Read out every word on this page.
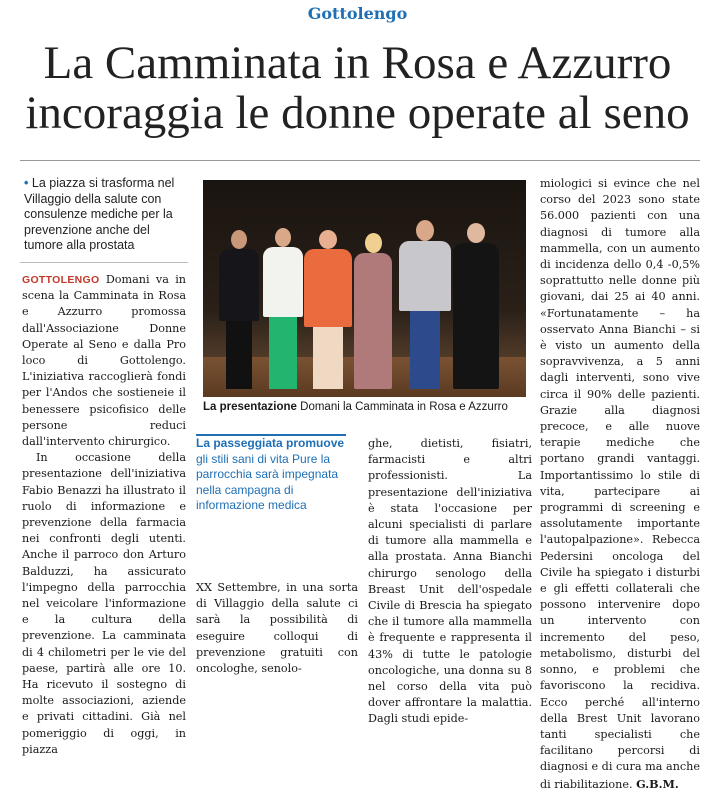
Gottolengo
La Camminata in Rosa e Azzurro
incoraggia le donne operate al seno
• La piazza si trasforma nel Villaggio della salute con consulenze mediche per la prevenzione anche del tumore alla prostata

GOTTOLENGO Domani va in scena la Camminata in Rosa e Azzurro promossa dall'Associazione Donne Operate al Seno e dalla Pro loco di Gottolengo. L'iniziativa raccoglierà fondi per l'Andos che sostieneie il benessere psicofisico delle persone reduci dall'intervento chirurgico.

In occasione della presentazione dell'iniziativa Fabio Benazzi ha illustrato il ruolo di informazione e prevenzione della farmacia nei confronti degli utenti. Anche il parroco don Arturo Balduzzi, ha assicurato l'impegno della parrocchia nel veicolare l'informazione e la cultura della prevenzione. La camminata di 4 chilometri per le vie del paese, partirà alle ore 10. Ha ricevuto il sostegno di molte associazioni, aziende e privati cittadini. Già nel pomeriggio di oggi, in piazza

La presentazione Domani la Camminata in Rosa e Azzurro
La passeggiata promuove
gli stili sani di vita Pure la parrocchia sarà impegnata nella campagna di informazione medica

XX Settembre, in una sorta di Villaggio della salute ci sarà la possibilità di eseguire colloqui di prevenzione gratuiti con oncologhe, senolo-

ghe, dietisti, fisiatri, farmacisti e altri professionisti. La presentazione dell'iniziativa è stata l'occasione per alcuni specialisti di parlare di tumore alla mammella e alla prostata. Anna Bianchi chirurgo senologo della Breast Unit dell'ospedale Civile di Brescia ha spiegato che il tumore alla mammella è frequente e rappresenta il 43% di tutte le patologie oncologiche, una donna su 8 nel corso della vita può dover affrontare la malattia. Dagli studi epide-

miologici si evince che nel corso del 2023 sono state 56.000 pazienti con una diagnosi di tumore alla mammella, con un aumento di incidenza dello 0,4 -0,5% soprattutto nelle donne più giovani, dai 25 ai 40 anni. «Fortunatamente – ha osservato Anna Bianchi – si è visto un aumento della sopravvivenza, a 5 anni dagli interventi, sono vive circa il 90% delle pazienti. Grazie alla diagnosi precoce, e alle nuove terapie mediche che portano grandi vantaggi. Importantissimo lo stile di vita, partecipare ai programmi di screening e assolutamente importante l'autopalpazione». Rebecca Pedersini oncologa del Civile ha spiegato i disturbi e gli effetti collaterali che possono intervenire dopo un intervento con incremento del peso, metabolismo, disturbi del sonno, e problemi che favoriscono la recidiva. Ecco perché all'interno della Brest Unit lavorano tanti specialisti che facilitano percorsi di diagnosi e di cura ma anche di riabilitazione. G.B.M.
